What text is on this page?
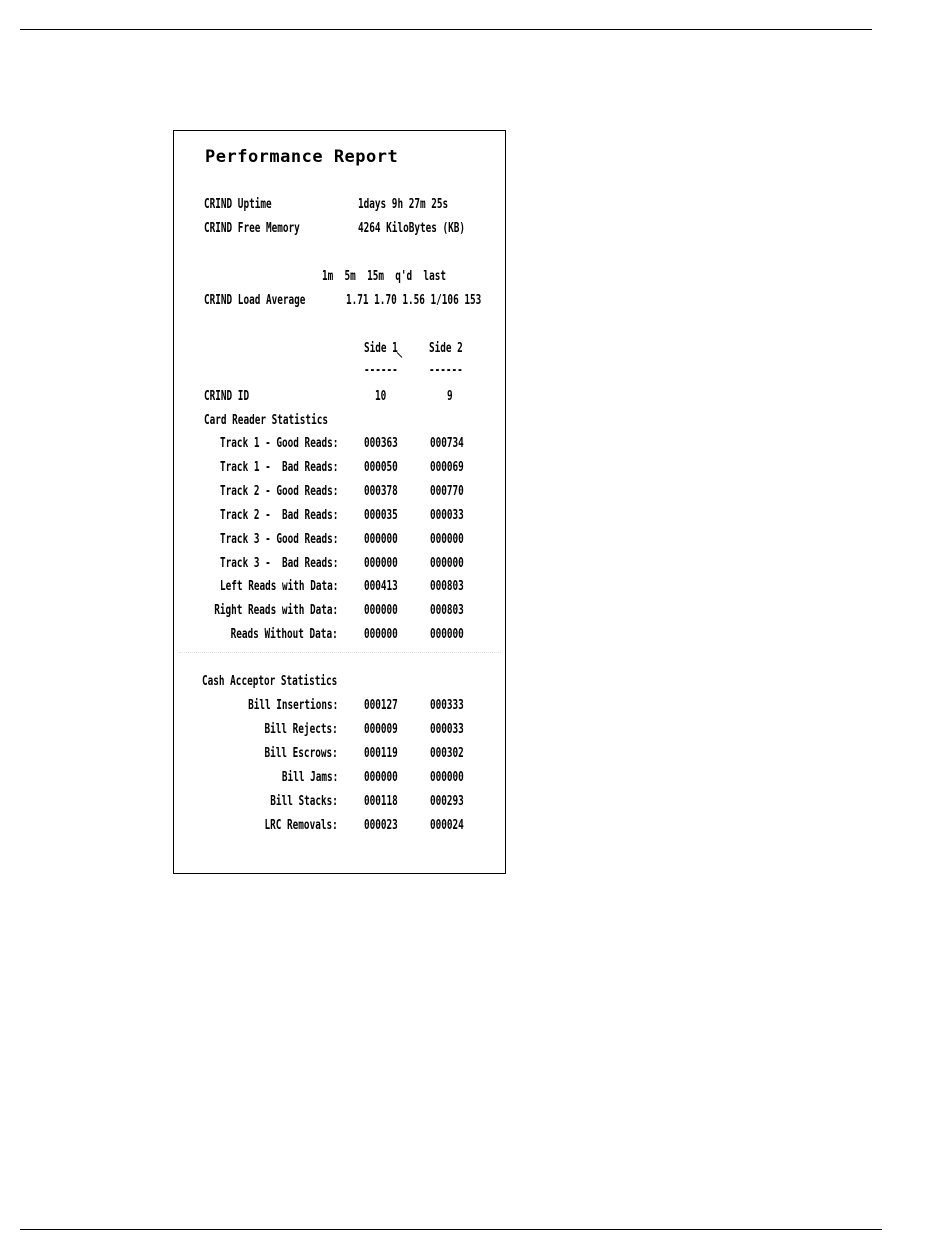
Performance Report
CRIND Uptime	1days 9h 27m 25s
CRIND Free Memory	4264 KiloBytes (KB)
1m  5m  15m  q'd  last
CRIND Load Average	1.71 1.70 1.56 1/106 153
Side 1 Side 2
------ ------
CRIND ID	10	9
Card Reader Statistics
Track 1 - Good Reads: 000363 000734
Track 1 -  Bad Reads: 000050 000069
Track 2 - Good Reads: 000378 000770
Track 2 -  Bad Reads: 000035 000033
Track 3 - Good Reads: 000000 000000
Track 3 -  Bad Reads: 000000 000000
Left Reads with Data: 000413 000803
Right Reads with Data: 000000 000803
Reads Without Data: 000000 000000
Cash Acceptor Statistics
Bill Insertions: 000127 000333
Bill Rejects: 000009 000033
Bill Escrows: 000119 000302
Bill Jams: 000000 000000
Bill Stacks: 000118 000293
LRC Removals: 000023 000024
